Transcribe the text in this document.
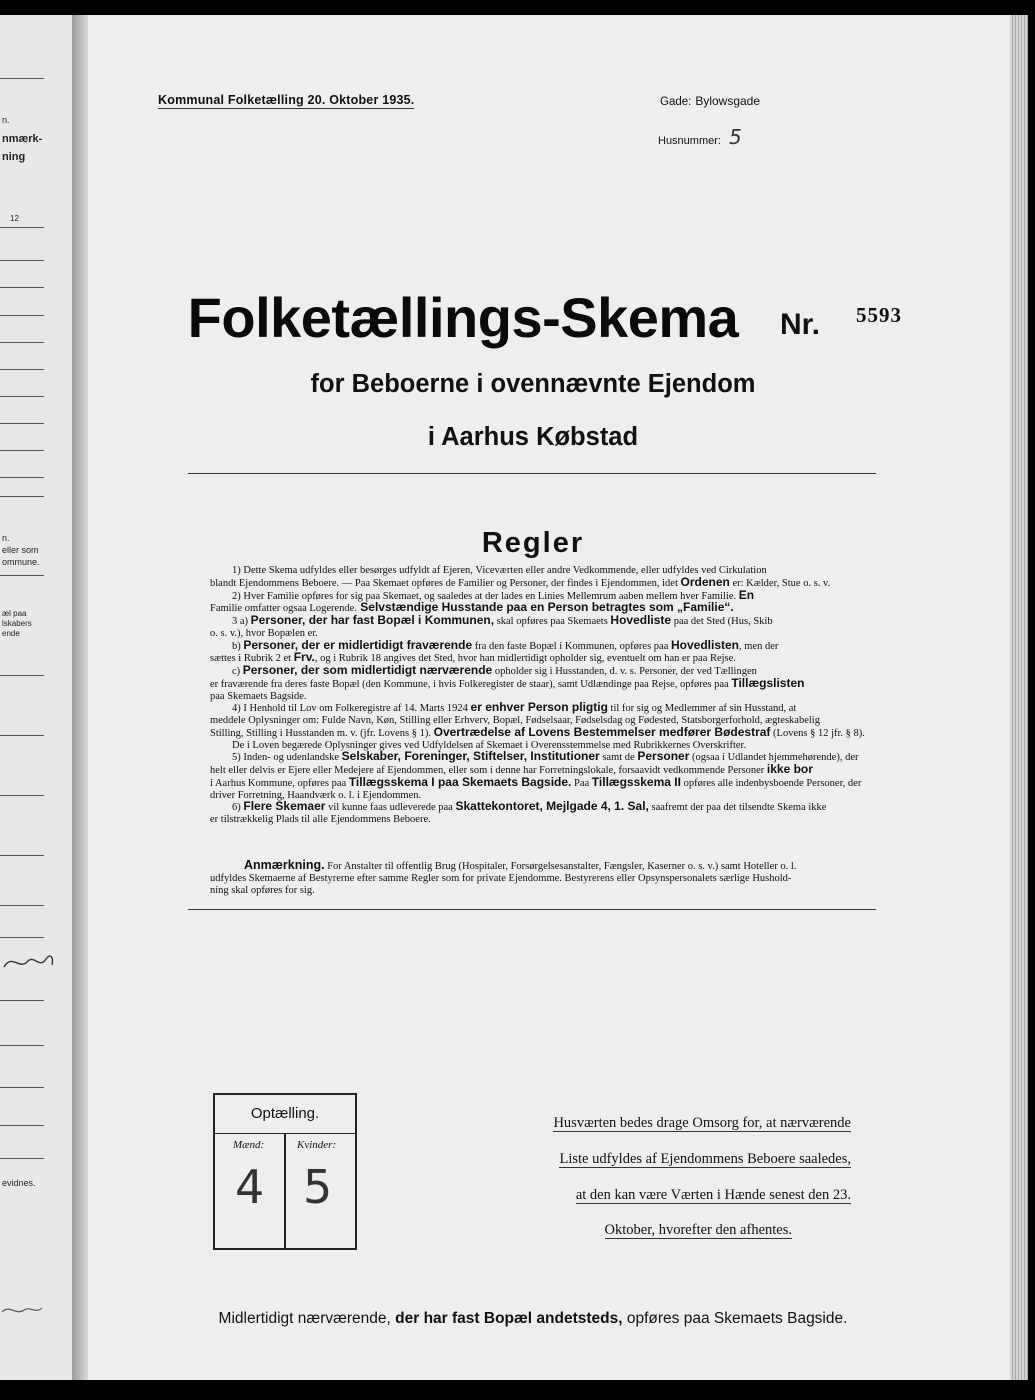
n.
nmærk-
ning
12
n.
eller som
ommune.
æl paa
lskabers
ende
evidnes.
Kommunal Folketælling 20. Oktober 1935.	Gade: Bylowsgade
Husnummer: 5
Folketællings-Skema	Nr. 5593
for Beboerne i ovennævnte Ejendom
i Aarhus Købstad
Regler
1) Dette Skema udfyldes eller besørges udfyldt af Ejeren, Viceværten eller andre Vedkommende, eller udfyldes ved Cirkulation
blandt Ejendommens Beboere. — Paa Skemaet opføres de Familier og Personer, der findes i Ejendommen, idet Ordenen er: Kælder, Stue o. s. v.
2) Hver Familie opføres for sig paa Skemaet, og saaledes at der lades en Linies Mellemrum aaben mellem hver Familie. En
Familie omfatter ogsaa Logerende. Selvstændige Husstande paa en Person betragtes som „Familie“.
3 a) Personer, der har fast Bopæl i Kommunen, skal opføres paa Skemaets Hovedliste paa det Sted (Hus, Skib
o. s. v.), hvor Bopælen er.
b) Personer, der er midlertidigt fraværende fra den faste Bopæl i Kommunen, opføres paa Hovedlisten, men der
sættes i Rubrik 2 et Frv., og i Rubrik 18 angives det Sted, hvor han midlertidigt opholder sig, eventuelt om han er paa Rejse.
c) Personer, der som midlertidigt nærværende opholder sig i Husstanden, d. v. s. Personer, der ved Tællingen
er fraværende fra deres faste Bopæl (den Kommune, i hvis Folkeregister de staar), samt Udlændinge paa Rejse, opføres paa Tillægslisten
paa Skemaets Bagside.
4) I Henhold til Lov om Folkeregistre af 14. Marts 1924 er enhver Person pligtig til for sig og Medlemmer af sin Husstand, at
meddele Oplysninger om: Fulde Navn, Køn, Stilling eller Erhverv, Bopæl, Fødselsaar, Fødselsdag og Fødested, Statsborgerforhold, ægteskabelig
Stilling, Stilling i Husstanden m. v. (jfr. Lovens § 1). Overtrædelse af Lovens Bestemmelser medfører Bødestraf (Lovens § 12 jfr. § 8).
De i Loven begærede Oplysninger gives ved Udfyldelsen af Skemaet i Overensstemmelse med Rubrikkernes Overskrifter.
5) Inden- og udenlandske Selskaber, Foreninger, Stiftelser, Institutioner samt de Personer (ogsaa i Udlandet hjemmehørende), der
helt eller delvis er Ejere eller Medejere af Ejendommen, eller som i denne har Forretningslokale, forsaavidt vedkommende Personer ikke bor
i Aarhus Kommune, opføres paa Tillægsskema I paa Skemaets Bagside. Paa Tillægsskema II opføres alle indenbysboende Personer, der
driver Forretning, Haandværk o. l. i Ejendommen.
6) Flere Skemaer vil kunne faas udleverede paa Skattekontoret, Mejlgade 4, 1. Sal, saafremt der paa det tilsendte Skema ikke
er tilstrækkelig Plads til alle Ejendommens Beboere.
Anmærkning. For Anstalter til offentlig Brug (Hospitaler, Forsørgelsesanstalter, Fængsler, Kaserner o. s. v.) samt Hoteller o. l.
udfyldes Skemaerne af Bestyrerne efter samme Regler som for private Ejendomme. Bestyrerens eller Opsynspersonalets særlige Hushold-
ning skal opføres for sig.
Optælling.
Mænd:	Kvinder:
4 5
Husværten bedes drage Omsorg for, at nærværende
Liste udfyldes af Ejendommens Beboere saaledes,
at den kan være Værten i Hænde senest den 23.
Oktober, hvorefter den afhentes.
Midlertidigt nærværende, der har fast Bopæl andetsteds, opføres paa Skemaets Bagside.
